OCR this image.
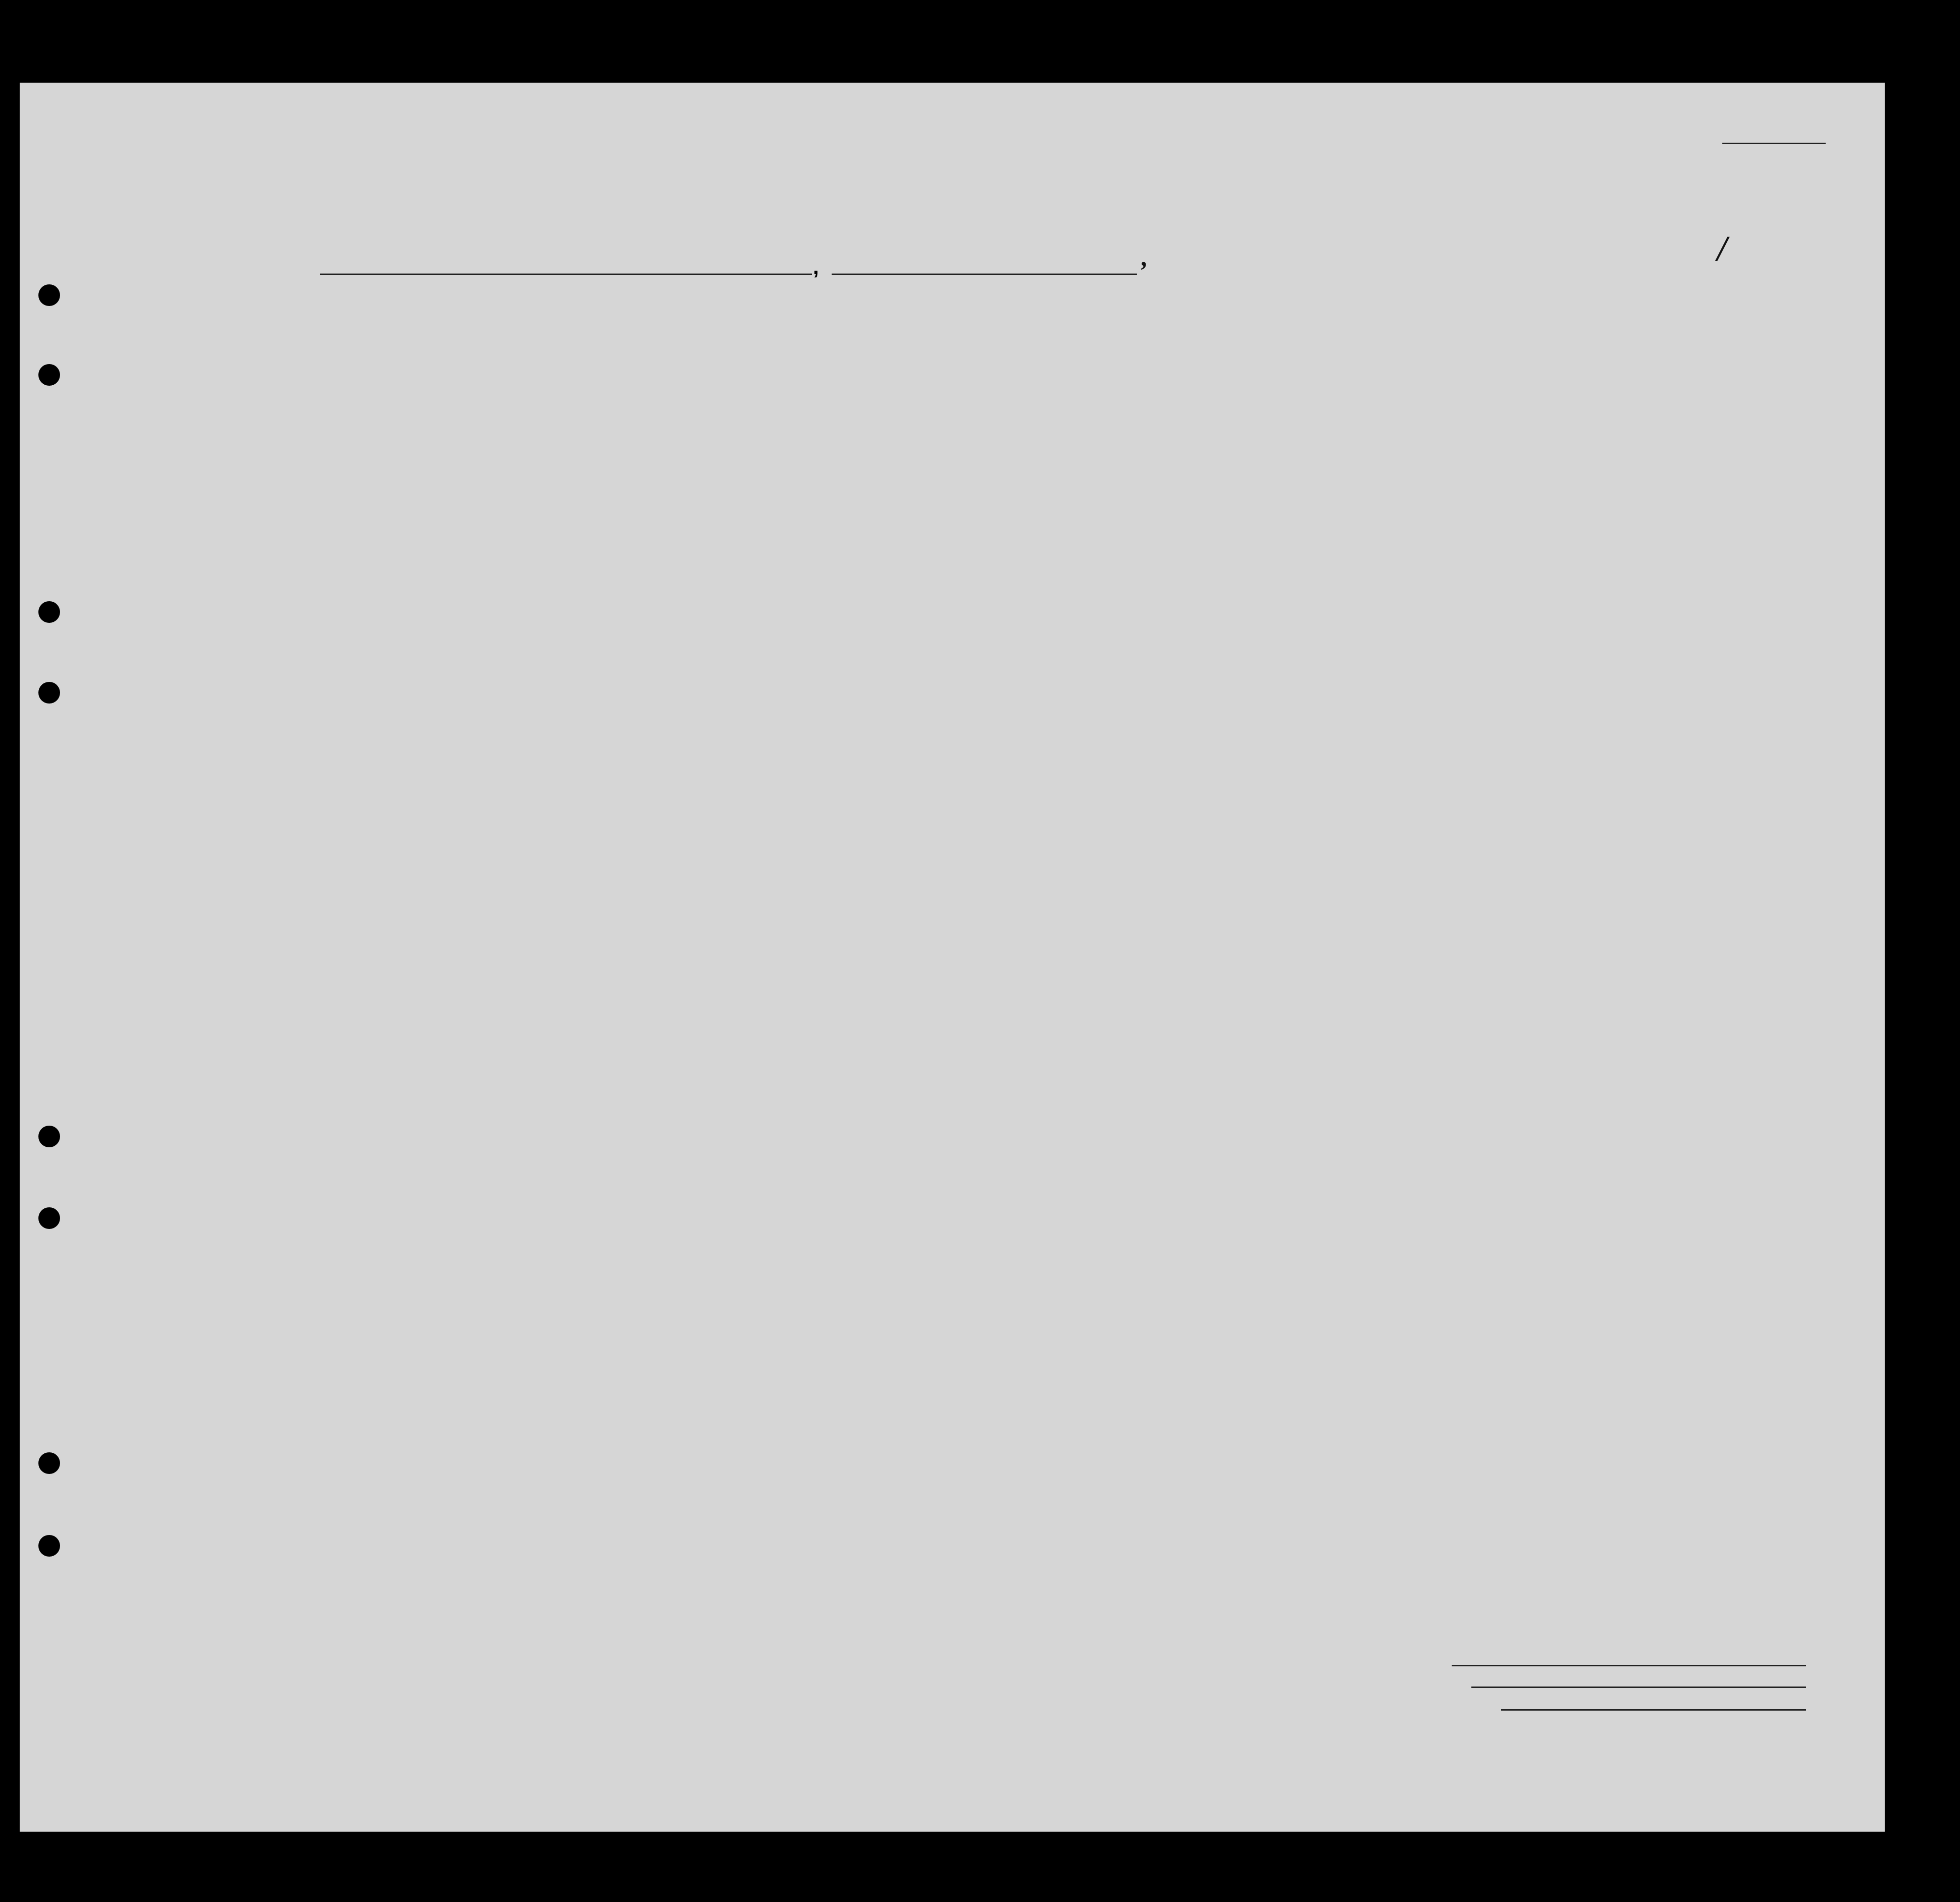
,	,	/
